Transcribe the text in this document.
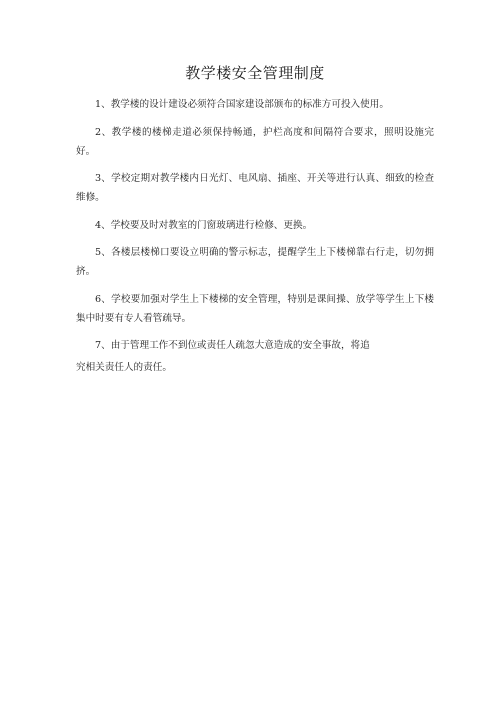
教学楼安全管理制度

1、教学楼的设计建设必须符合国家建设部颁布的标准方可投入使用。

2、教学楼的楼梯走道必须保持畅通，护栏高度和间隔符合要求，照明设施完好。

3、学校定期对教学楼内日光灯、电风扇、插座、开关等进行认真、细致的检查维修。

4、学校要及时对教室的门窗玻璃进行检修、更换。

5、各楼层楼梯口要设立明确的警示标志，提醒学生上下楼梯靠右行走，切勿拥挤。

6、学校要加强对学生上下楼梯的安全管理，特别是课间操、放学等学生上下楼集中时要有专人看管疏导。

7、由于管理工作不到位或责任人疏忽大意造成的安全事故，将追

究相关责任人的责任。
